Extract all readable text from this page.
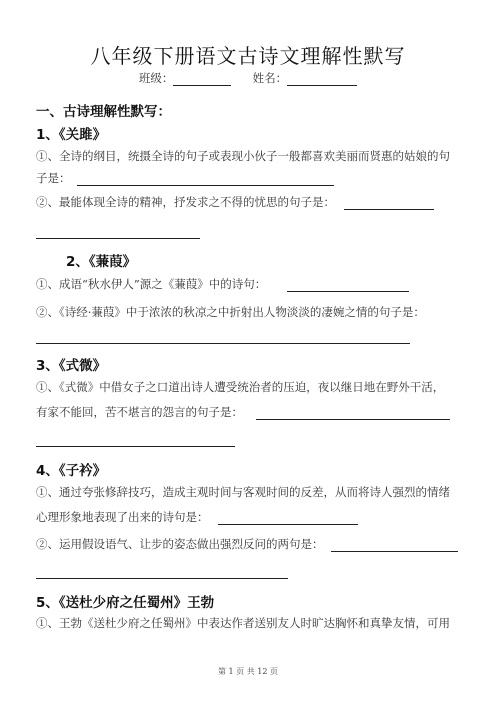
八年级下册语文古诗文理解性默写
班级：	姓名：
一、古诗理解性默写：
1、《关雎》
①、全诗的纲目，统摄全诗的句子或表现小伙子一般都喜欢美丽而贤惠的姑娘的句
子是：
②、最能体现全诗的精神，抒发求之不得的忧思的句子是：
2、《蒹葭》
①、成语“秋水伊人”源之《蒹葭》中的诗句：
②、《诗经·蒹葭》中于浓浓的秋凉之中折射出人物淡淡的凄婉之情的句子是：
3、《式微》
①、《式微》中借女子之口道出诗人遭受统治者的压迫，夜以继日地在野外干活，
有家不能回，苦不堪言的怨言的句子是：
4、《子衿》
①、通过夸张修辞技巧，造成主观时间与客观时间的反差，从而将诗人强烈的情绪
心理形象地表现了出来的诗句是：
②、运用假设语气、让步的姿态做出强烈反问的两句是：
5、《送杜少府之任蜀州》王勃
①、王勃《送杜少府之任蜀州》中表达作者送别友人时旷达胸怀和真挚友情，可用
第 1 页 共 12 页
